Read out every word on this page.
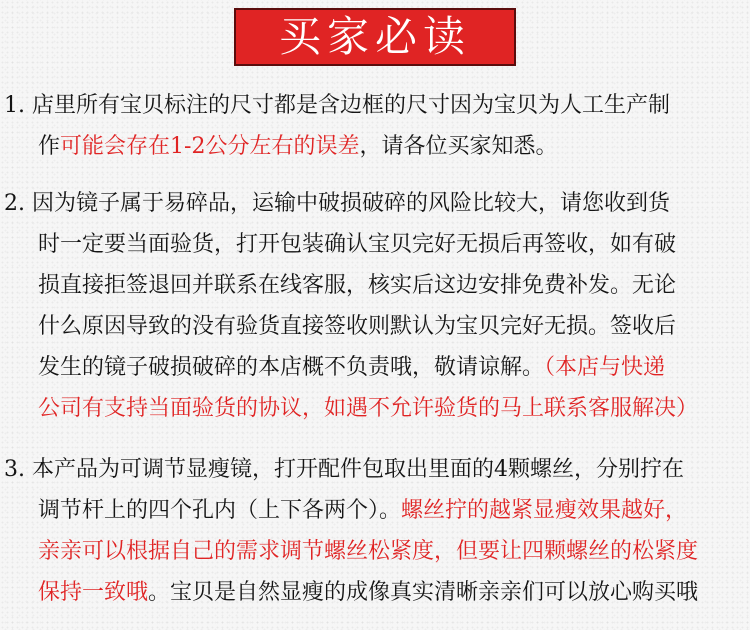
买家必读
1. 店里所有宝贝标注的尺寸都是含边框的尺寸因为宝贝为人工生产制
作可能会存在1-2公分左右的误差，请各位买家知悉。
2. 因为镜子属于易碎品，运输中破损破碎的风险比较大，请您收到货
时一定要当面验货，打开包装确认宝贝完好无损后再签收，如有破
损直接拒签退回并联系在线客服，核实后这边安排免费补发。无论
什么原因导致的没有验货直接签收则默认为宝贝完好无损。签收后
发生的镜子破损破碎的本店概不负责哦，敬请谅解。（本店与快递
公司有支持当面验货的协议，如遇不允许验货的马上联系客服解决）
3. 本产品为可调节显瘦镜，打开配件包取出里面的4颗螺丝，分别拧在
调节杆上的四个孔内（上下各两个）。螺丝拧的越紧显瘦效果越好，
亲亲可以根据自己的需求调节螺丝松紧度，但要让四颗螺丝的松紧度
保持一致哦。宝贝是自然显瘦的成像真实清晰亲亲们可以放心购买哦
